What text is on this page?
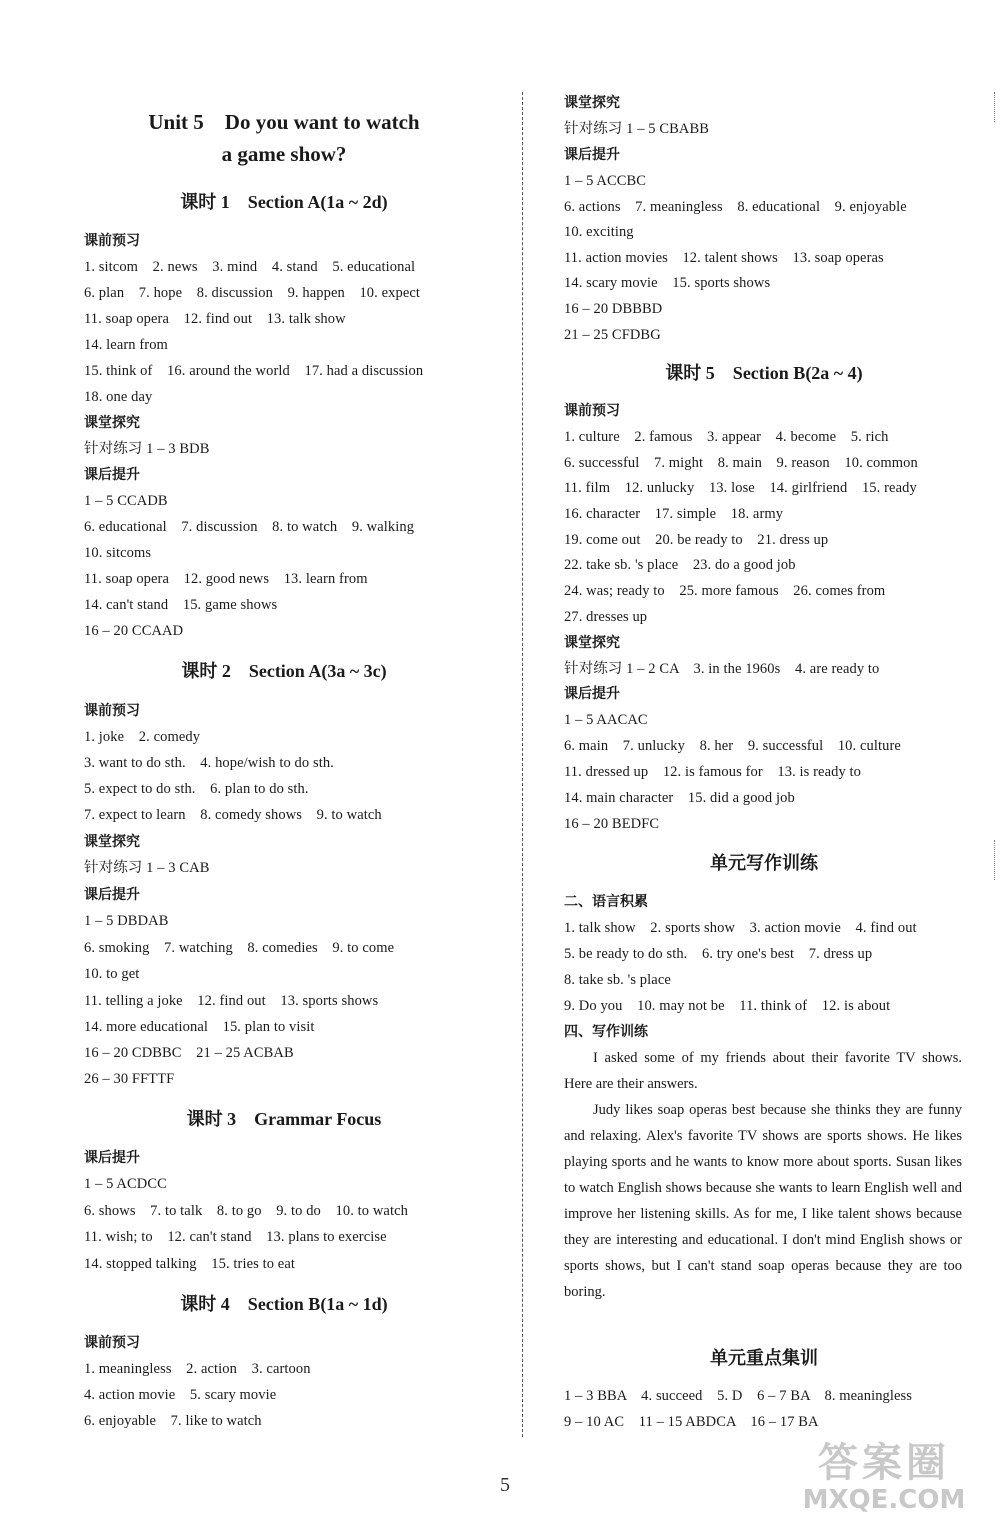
Unit 5　Do you want to watch
a game show?
课时 1　Section A(1a ~ 2d)
课前预习
1. sitcom　2. news　3. mind　4. stand　5. educational
6. plan　7. hope　8. discussion　9. happen　10. expect
11. soap opera　12. find out　13. talk show
14. learn from
15. think of　16. around the world　17. had a discussion
18. one day
课堂探究
针对练习 1 – 3 BDB
课后提升
1 – 5 CCADB
6. educational　7. discussion　8. to watch　9. walking
10. sitcoms
11. soap opera　12. good news　13. learn from
14. can't stand　15. game shows
16 – 20 CCAAD
课时 2　Section A(3a ~ 3c)
课前预习
1. joke　2. comedy
3. want to do sth.　4. hope/wish to do sth.
5. expect to do sth.　6. plan to do sth.
7. expect to learn　8. comedy shows　9. to watch
课堂探究
针对练习 1 – 3 CAB
课后提升
1 – 5 DBDAB
6. smoking　7. watching　8. comedies　9. to come
10. to get
11. telling a joke　12. find out　13. sports shows
14. more educational　15. plan to visit
16 – 20 CDBBC　21 – 25 ACBAB
26 – 30 FFTTF
课时 3　Grammar Focus
课后提升
1 – 5 ACDCC
6. shows　7. to talk　8. to go　9. to do　10. to watch
11. wish; to　12. can't stand　13. plans to exercise
14. stopped talking　15. tries to eat
课时 4　Section B(1a ~ 1d)
课前预习
1. meaningless　2. action　3. cartoon
4. action movie　5. scary movie
6. enjoyable　7. like to watch
课堂探究
针对练习 1 – 5 CBABB
课后提升
1 – 5 ACCBC
6. actions　7. meaningless　8. educational　9. enjoyable
10. exciting
11. action movies　12. talent shows　13. soap operas
14. scary movie　15. sports shows
16 – 20 DBBBD
21 – 25 CFDBG
课时 5　Section B(2a ~ 4)
课前预习
1. culture　2. famous　3. appear　4. become　5. rich
6. successful　7. might　8. main　9. reason　10. common
11. film　12. unlucky　13. lose　14. girlfriend　15. ready
16. character　17. simple　18. army
19. come out　20. be ready to　21. dress up
22. take sb. 's place　23. do a good job
24. was; ready to　25. more famous　26. comes from
27. dresses up
课堂探究
针对练习 1 – 2 CA　3. in the 1960s　4. are ready to
课后提升
1 – 5 AACAC
6. main　7. unlucky　8. her　9. successful　10. culture
11. dressed up　12. is famous for　13. is ready to
14. main character　15. did a good job
16 – 20 BEDFC
单元写作训练
二、语言积累
1. talk show　2. sports show　3. action movie　4. find out
5. be ready to do sth.　6. try one's best　7. dress up
8. take sb. 's place
9. Do you　10. may not be　11. think of　12. is about
四、写作训练
I asked some of my friends about their favorite TV shows. Here are their answers.
Judy likes soap operas best because she thinks they are funny and relaxing. Alex's favorite TV shows are sports shows. He likes playing sports and he wants to know more about sports. Susan likes to watch English shows because she wants to learn English well and improve her listening skills. As for me, I like talent shows because they are interesting and educational. I don't mind English shows or sports shows, but I can't stand soap operas because they are too boring.
单元重点集训
1 – 3 BBA　4. succeed　5. D　6 – 7 BA　8. meaningless
9 – 10 AC　11 – 15 ABDCA　16 – 17 BA
5	答案圈
MXQE.COM
